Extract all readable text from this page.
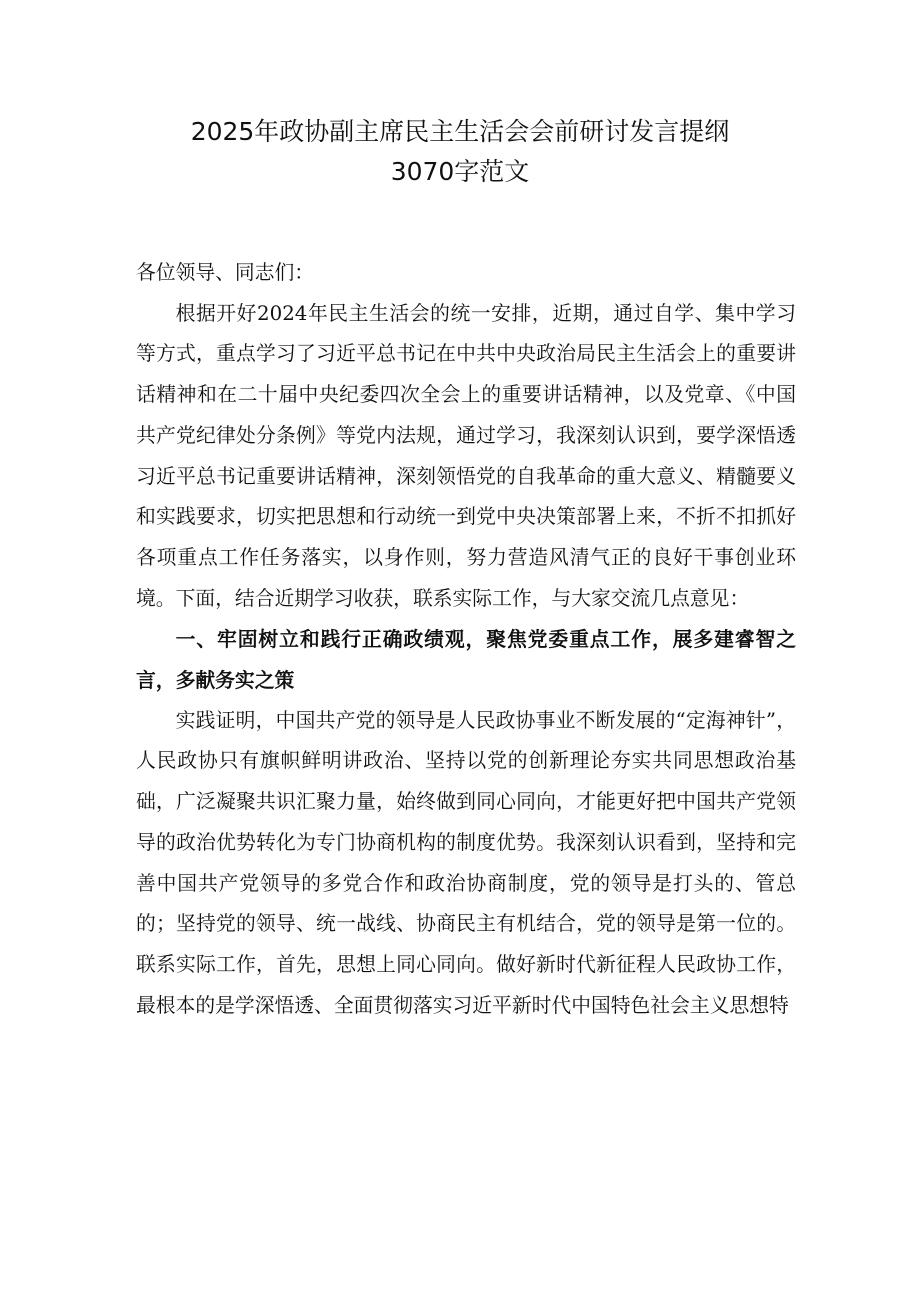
2025年政协副主席民主生活会会前研讨发言提纲
3070字范文

各位领导、同志们：

根据开好2024年民主生活会的统一安排，近期，通过自学、集中学习等方式，重点学习了习近平总书记在中共中央政治局民主生活会上的重要讲话精神和在二十届中央纪委四次全会上的重要讲话精神，以及党章、《中国共产党纪律处分条例》等党内法规，通过学习，我深刻认识到，要学深悟透习近平总书记重要讲话精神，深刻领悟党的自我革命的重大意义、精髓要义和实践要求，切实把思想和行动统一到党中央决策部署上来，不折不扣抓好各项重点工作任务落实，以身作则，努力营造风清气正的良好干事创业环境。下面，结合近期学习收获，联系实际工作，与大家交流几点意见：

一、牢固树立和践行正确政绩观，聚焦党委重点工作，展多建睿智之言，多献务实之策

实践证明，中国共产党的领导是人民政协事业不断发展的“定海神针”，人民政协只有旗帜鲜明讲政治、坚持以党的创新理论夯实共同思想政治基础，广泛凝聚共识汇聚力量，始终做到同心同向，才能更好把中国共产党领导的政治优势转化为专门协商机构的制度优势。我深刻认识看到，坚持和完善中国共产党领导的多党合作和政治协商制度，党的领导是打头的、管总的；坚持党的领导、统一战线、协商民主有机结合，党的领导是第一位的。联系实际工作，首先，思想上同心同向。做好新时代新征程人民政协工作，最根本的是学深悟透、全面贯彻落实习近平新时代中国特色社会主义思想特
